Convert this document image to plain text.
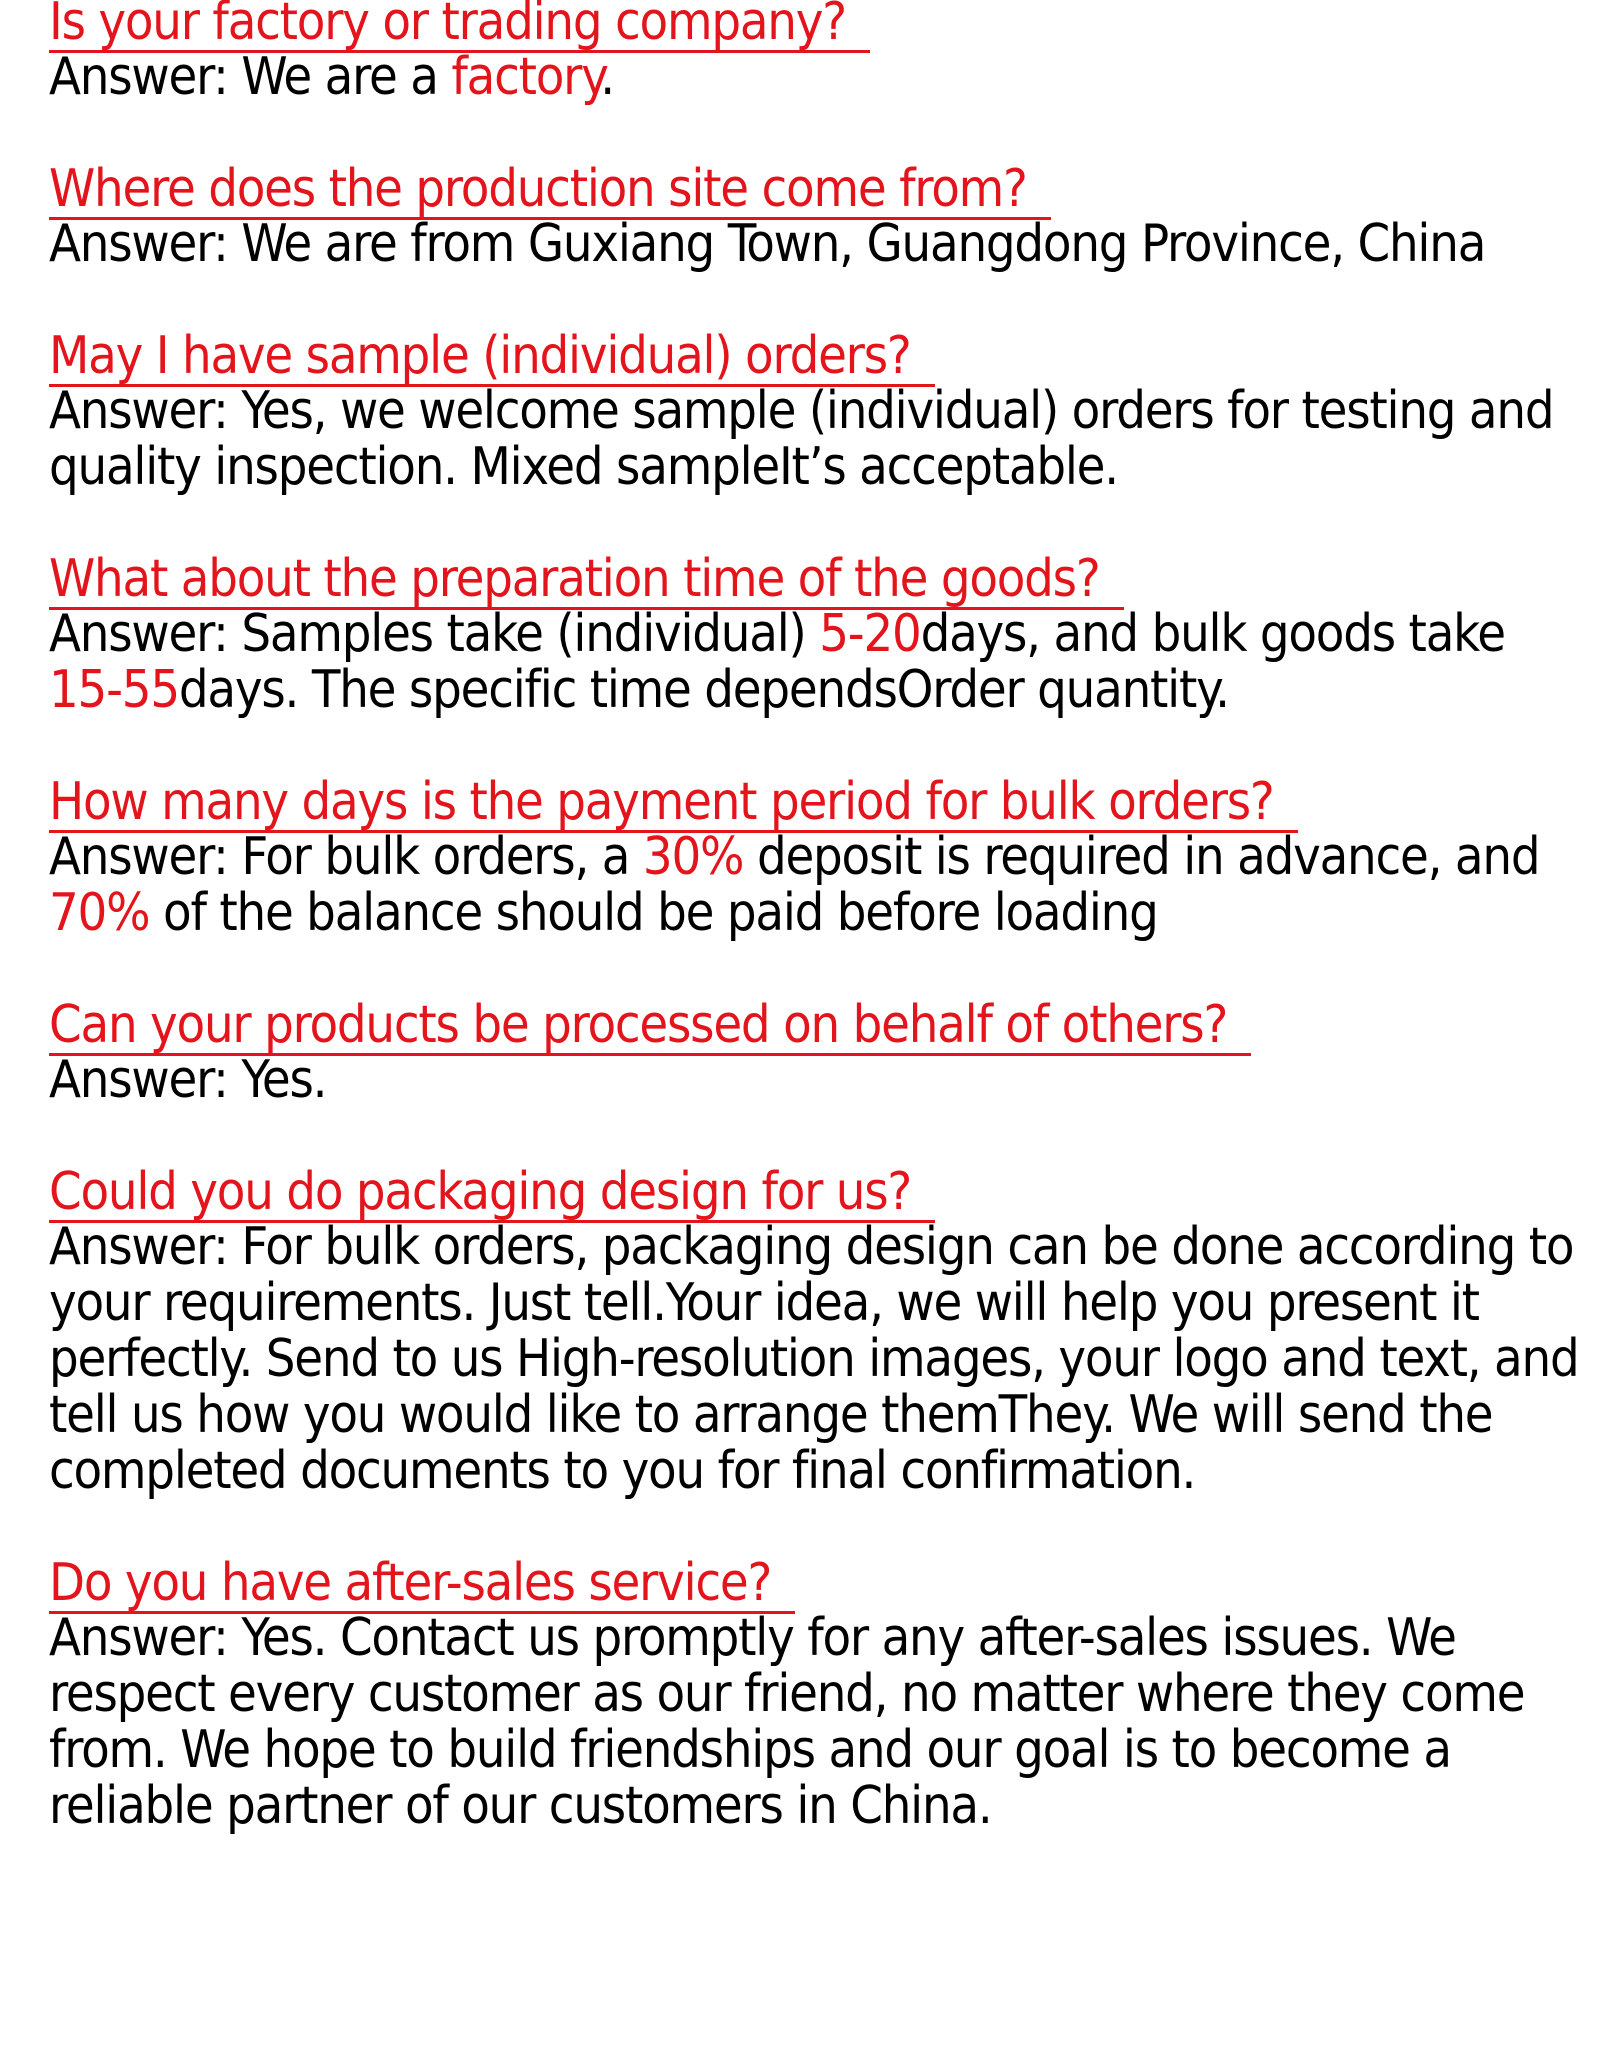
Is your factory or trading company?
Answer: We are a factory.
Where does the production site come from?
Answer: We are from Guxiang Town, Guangdong Province, China
May I have sample (individual) orders?
Answer: Yes, we welcome sample (individual) orders for testing and quality inspection. Mixed sampleIt’s acceptable.
What about the preparation time of the goods?
Answer: Samples take (individual) 5-20days, and bulk goods take 15-55days. The specific time dependsOrder quantity.
How many days is the payment period for bulk orders?
Answer: For bulk orders, a 30% deposit is required in advance, and 70% of the balance should be paid before loading
Can your products be processed on behalf of others?
Answer: Yes.
Could you do packaging design for us?
Answer: For bulk orders, packaging design can be done according to your requirements. Just tell.Your idea, we will help you present it perfectly. Send to us High-resolution images, your logo and text, and tell us how you would like to arrange themThey. We will send the completed documents to you for final confirmation.
Do you have after-sales service?
Answer: Yes. Contact us promptly for any after-sales issues. We respect every customer as our friend, no matter where they come from. We hope to build friendships and our goal is to become a reliable partner of our customers in China.
